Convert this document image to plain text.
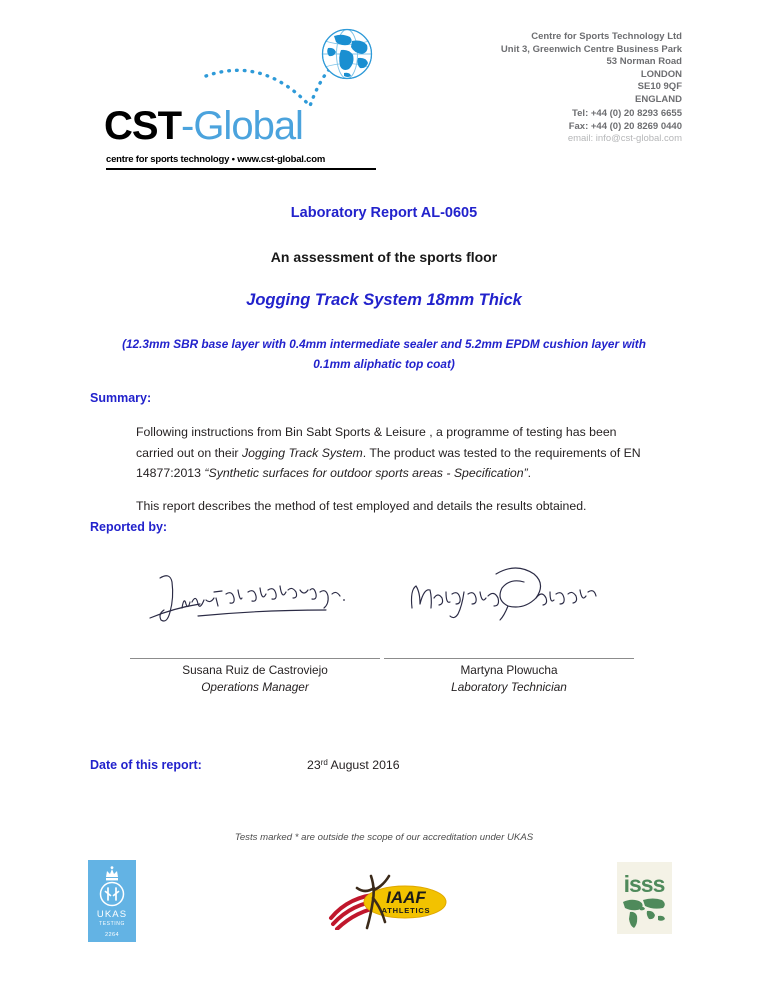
CST-Global
centre for sports technology • www.cst-global.com
Centre for Sports Technology Ltd
Unit 3, Greenwich Centre Business Park
53 Norman Road
LONDON
SE10 9QF
ENGLAND
Tel: +44 (0) 20 8293 6655
Fax: +44 (0) 20 8269 0440
email: info@cst-global.com
Laboratory Report AL-0605
An assessment of the sports floor
Jogging Track System 18mm Thick
(12.3mm SBR base layer with 0.4mm intermediate sealer and 5.2mm EPDM cushion layer with 0.1mm aliphatic top coat)
Summary:

Following instructions from Bin Sabt Sports & Leisure , a programme of testing has been carried out on their Jogging Track System. The product was tested to the requirements of EN 14877:2013 “Synthetic surfaces for outdoor sports areas - Specification”.

This report describes the method of test employed and details the results obtained.

Reported by:
Susana Ruiz de Castroviejo
Operations Manager
Martyna Plowucha
Laboratory Technician
Date of this report:	23rd August 2016
Tests marked * are outside the scope of our accreditation under UKAS
UKAS
TESTING
2264
IAAF
ATHLETICS
isss
